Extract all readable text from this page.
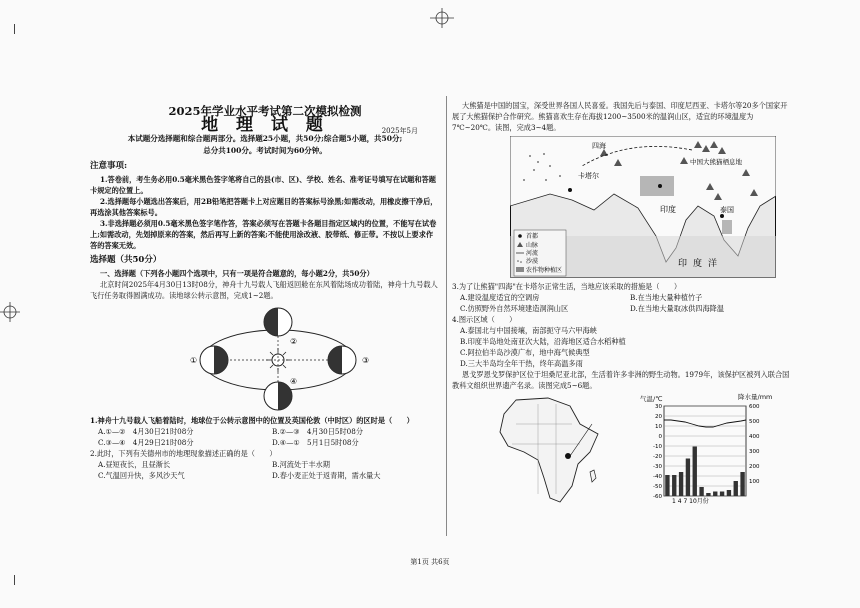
2025年学业水平考试第二次模拟检测
地 理 试 题	2025年5月
本试题分选择题和综合题两部分。选择题25小题，共50分;综合题5小题，共50分;
总分共100分。考试时间为60分钟。
注意事项:

1.答卷前，考生务必用0.5毫米黑色签字笔将自己的县(市、区)、学校、姓名、准考证号填写在试题和答题卡规定的位置上。

2.选择题每小题选出答案后，用2B铅笔把答题卡上对应题目的答案标号涂黑;如需改动，用橡皮擦干净后，再选涂其他答案标号。

3.非选择题必须用0.5毫米黑色签字笔作答，答案必须写在答题卡各题目指定区域内的位置，不能写在试卷上;如需改动，先划掉原来的答案，然后再写上新的答案;不能使用涂改液、胶带纸、修正带。不按以上要求作答的答案无效。

选择题（共50分）

一、选择题（下列各小题四个选项中，只有一项是符合题意的，每小题2分，共50分）

北京时间2025年4月30日13时08分，神舟十九号载人飞船返回舱在东风着陆场成功着陆，神舟十九号载人飞行任务取得圆满成功。读地球公转示意图，完成1~2题。

①
②
③
④

1.神舟十九号载人飞船着陆时，地球位于公转示意图中的位置及英国伦敦（中时区）的区时是（　　）

A.①—②　4月30日21时08分	B.②—③　4月30日5时08分
C.③—④　4月29日21时08分	D.④—①　5月1日5时08分

2.此时，下列有关德州市的地理现象描述正确的是（　　）

A.昼短夜长，且昼渐长	B.河流处于丰水期
C.气温回升快，多风沙天气	D.春小麦正处于返青期，需水量大

大熊猫是中国的国宝，深受世界各国人民喜爱。我国先后与泰国、印度尼西亚、卡塔尔等20多个国家开展了大熊猫保护合作研究。熊猫喜欢生存在海拔1200~3500米的温润山区，适宜的环境温度为7℃~20℃。读图，完成3~4题。

四海
卡塔尔
中国大熊猫栖息地
印度	泰国
印度洋
首都
山脉
河流
沙漠
农作物种植区

3.为了让熊猫"四海"在卡塔尔正常生活，当地应该采取的措施是（　　）

A.建设温度适宜的空调房	B.在当地大量种植竹子
C.仿照野外自然环境建造洞润山区	D.在当地大量取冰供四海降温

4.图示区域（　　）

A.泰国北与中国接壤，南部扼守马六甲海峡
B.印度半岛地处南亚次大陆，沿海地区适合水稻种植
C.阿拉伯半岛沙漠广布，地中海气候典型
D.三大半岛均全年干热，终年高温多雨

恩戈罗恩戈罗保护区位于坦桑尼亚北部，生活着许多非洲的野生动物。1979年，该保护区被列入联合国教科文组织世界遗产名录。读图完成5~6题。

气温/℃	降水量/mm
30
20
10
0
-10
-20
-30
-40
-50
-60
600
500
400
300
200
100
1 4 7 10月份
第1页 共6页
